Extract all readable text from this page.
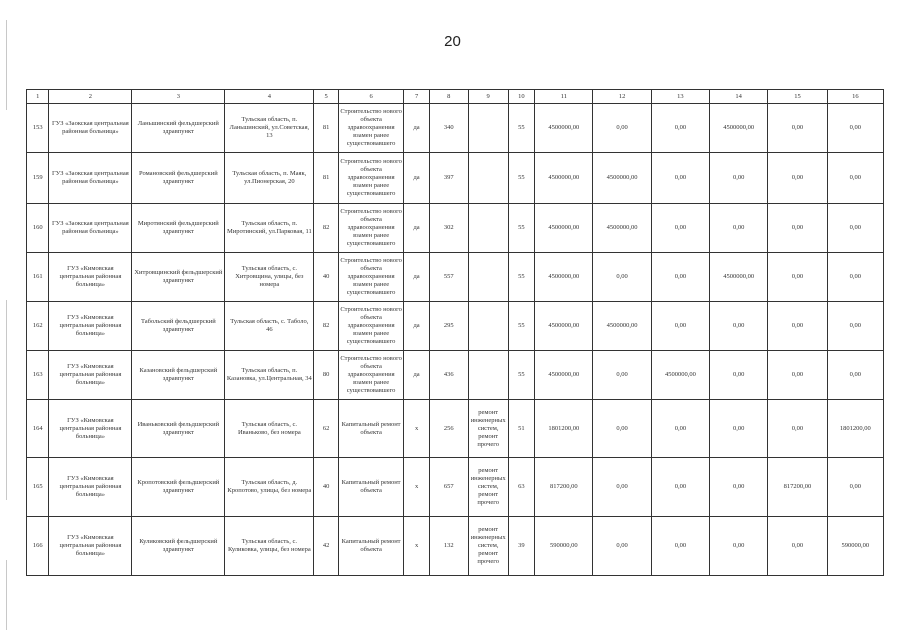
20
1	2	3	4	5	6	7	8	9	10	11	12	13	14	15	16
153	ГУЗ «Заокская центральная районная больница»	Ланьшинский фельдшерский здравпункт	Тульская область, п. Ланьшинский, ул.Советская, 13	81	Строительство нового объекта здравоохранения взамен ранее существовавшего	да	340		55	4500000,00	0,00	0,00	4500000,00	0,00	0,00
159	ГУЗ «Заокская центральная районная больница»	Романовский фельдшерский здравпункт	Тульская область, п. Маяк, ул.Пионерская, 20	81	Строительство нового объекта здравоохранения взамен ранее существовавшего	да	397		55	4500000,00	4500000,00	0,00	0,00	0,00	0,00
160	ГУЗ «Заокская центральная районная больница»	Миротинский фельдшерский здравпункт	Тульская область, п. Миротинский, ул.Парковая, 11	82	Строительство нового объекта здравоохранения взамен ранее существовавшего	да	302		55	4500000,00	4500000,00	0,00	0,00	0,00	0,00
161	ГУЗ «Кимовская центральная районная больница»	Хитровщинский фельдшерский здравпункт	Тульская область, с. Хитровщина, улицы, без номера	40	Строительство нового объекта здравоохранения взамен ранее существовавшего	да	557		55	4500000,00	0,00	0,00	4500000,00	0,00	0,00
162	ГУЗ «Кимовская центральная районная больница»	Табольский фельдшерский здравпункт	Тульская область, с. Таболо, 46	82	Строительство нового объекта здравоохранения взамен ранее существовавшего	да	295		55	4500000,00	4500000,00	0,00	0,00	0,00	0,00
163	ГУЗ «Кимовская центральная районная больница»	Казановский фельдшерский здравпункт	Тульская область, п. Казановка, ул.Центральная, 34	80	Строительство нового объекта здравоохранения взамен ранее существовавшего	да	436		55	4500000,00	0,00	4500000,00	0,00	0,00	0,00
164	ГУЗ «Кимовская центральная районная больница»	Иваньковский фельдшерский здравпункт	Тульская область, с. Иваньково, без номера	62	Капитальный ремонт объекта	х	256	ремонт инженерных систем, ремонт прочего	51	1801200,00	0,00	0,00	0,00	0,00	1801200,00
165	ГУЗ «Кимовская центральная районная больница»	Кропотовский фельдшерский здравпункт	Тульская область, д. Кропотово, улицы, без номера	40	Капитальный ремонт объекта	х	657	ремонт инженерных систем, ремонт прочего	63	817200,00	0,00	0,00	0,00	817200,00	0,00
166	ГУЗ «Кимовская центральная районная больница»	Куликовский фельдшерский здравпункт	Тульская область, с. Куликовка, улицы, без номера	42	Капитальный ремонт объекта	х	132	ремонт инженерных систем, ремонт прочего	39	590000,00	0,00	0,00	0,00	0,00	590000,00
